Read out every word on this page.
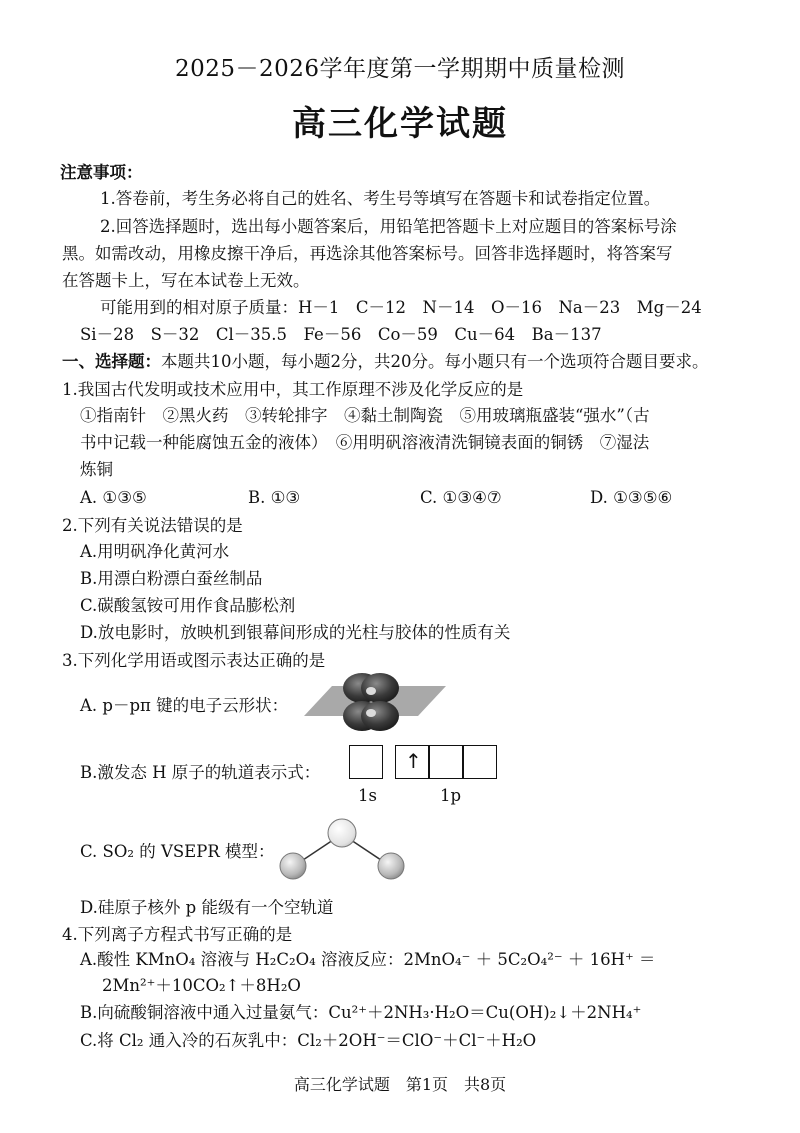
2025－2026学年度第一学期期中质量检测
高三化学试题
注意事项：
1.答卷前，考生务必将自己的姓名、考生号等填写在答题卡和试卷指定位置。
2.回答选择题时，选出每小题答案后，用铅笔把答题卡上对应题目的答案标号涂
黑。如需改动，用橡皮擦干净后，再选涂其他答案标号。回答非选择题时，将答案写
在答题卡上，写在本试卷上无效。
可能用到的相对原子质量：H－1　C－12　N－14　O－16　Na－23　Mg－24
Si－28　S－32　Cl－35.5　Fe－56　Co－59　Cu－64　Ba－137
一、选择题：本题共10小题，每小题2分，共20分。每小题只有一个选项符合题目要求。
1.我国古代发明或技术应用中，其工作原理不涉及化学反应的是
①指南针　②黑火药　③转轮排字　④黏土制陶瓷　⑤用玻璃瓶盛装“强水”（古
书中记载一种能腐蚀五金的液体）　⑥用明矾溶液清洗铜镜表面的铜锈　⑦湿法
炼铜
A. ①③⑤	B. ①③	C. ①③④⑦	D. ①③⑤⑥
2.下列有关说法错误的是
A.用明矾净化黄河水
B.用漂白粉漂白蚕丝制品
C.碳酸氢铵可用作食品膨松剂
D.放电影时，放映机到银幕间形成的光柱与胶体的性质有关
3.下列化学用语或图示表达正确的是
A. p－pπ 键的电子云形状：
B.激发态 H 原子的轨道表示式：	↑
1s	1p
C. SO₂ 的 VSEPR 模型：
D.硅原子核外 p 能级有一个空轨道
4.下列离子方程式书写正确的是
A.酸性 KMnO₄ 溶液与 H₂C₂O₄ 溶液反应：2MnO₄⁻ ＋ 5C₂O₄²⁻ ＋ 16H⁺ ＝
2Mn²⁺＋10CO₂↑＋8H₂O
B.向硫酸铜溶液中通入过量氨气：Cu²⁺＋2NH₃·H₂O＝Cu(OH)₂↓＋2NH₄⁺
C.将 Cl₂ 通入冷的石灰乳中：Cl₂＋2OH⁻＝ClO⁻＋Cl⁻＋H₂O
高三化学试题　第1页　共8页
